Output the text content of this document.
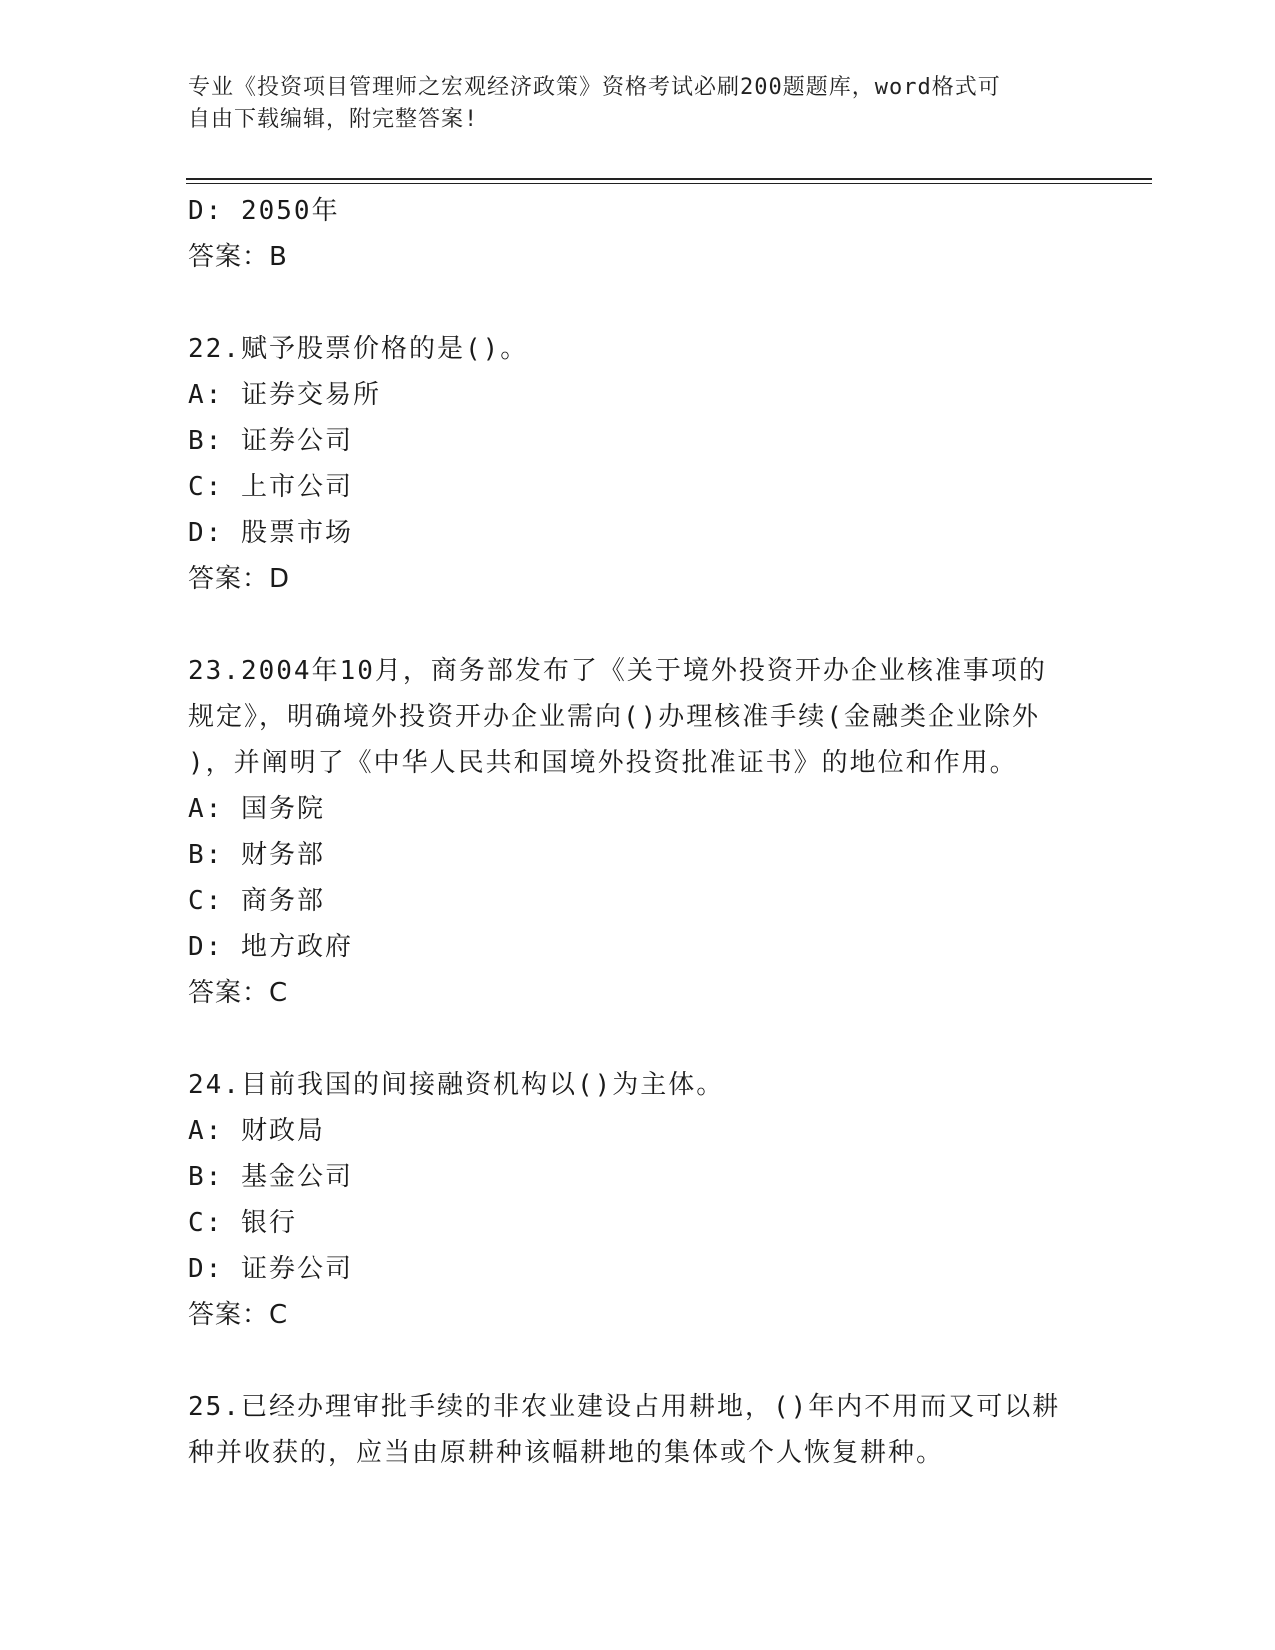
专业《投资项目管理师之宏观经济政策》资格考试必刷200题题库，word格式可
自由下载编辑，附完整答案!
D: 2050年
答案：B
22.赋予股票价格的是()。
A: 证券交易所
B: 证券公司
C: 上市公司
D: 股票市场
答案：D
23.2004年10月，商务部发布了《关于境外投资开办企业核准事项的
规定》，明确境外投资开办企业需向()办理核准手续(金融类企业除外
)，并阐明了《中华人民共和国境外投资批准证书》的地位和作用。
A: 国务院
B: 财务部
C: 商务部
D: 地方政府
答案：C
24.目前我国的间接融资机构以()为主体。
A: 财政局
B: 基金公司
C: 银行
D: 证券公司
答案：C
25.已经办理审批手续的非农业建设占用耕地，()年内不用而又可以耕
种并收获的，应当由原耕种该幅耕地的集体或个人恢复耕种。
